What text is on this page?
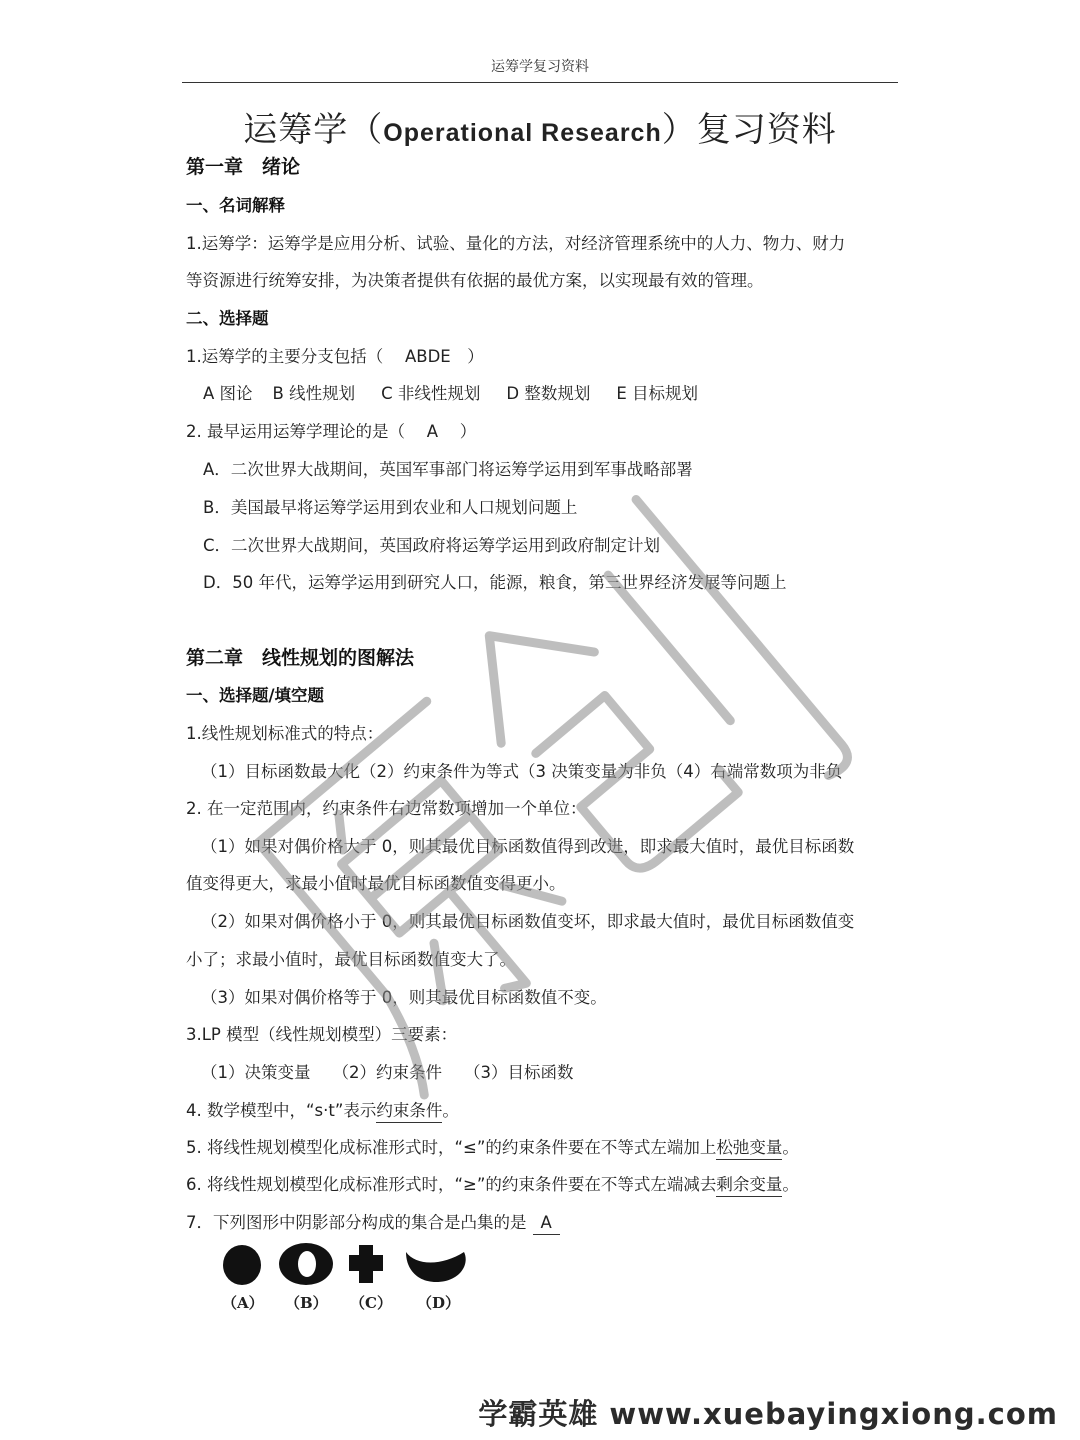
运筹学复习资料
运筹学（Operational Research）复习资料
第一章　绪论
一、名词解释
1.运筹学：运筹学是应用分析、试验、量化的方法，对经济管理系统中的人力、物力、财力
等资源进行统筹安排，为决策者提供有依据的最优方案，以实现最有效的管理。
二、选择题
1.运筹学的主要分支包括（　 ABDE　）
A 图论 B 线性规划 C 非线性规划 D 整数规划 E 目标规划
2. 最早运用运筹学理论的是（　 A　 ）
A．二次世界大战期间，英国军事部门将运筹学运用到军事战略部署
B．美国最早将运筹学运用到农业和人口规划问题上
C．二次世界大战期间，英国政府将运筹学运用到政府制定计划
D．50 年代，运筹学运用到研究人口，能源，粮食，第三世界经济发展等问题上
第二章　线性规划的图解法
一、选择题/填空题
1.线性规划标准式的特点：
（1）目标函数最大化（2）约束条件为等式（3 决策变量为非负（4）右端常数项为非负
2. 在一定范围内，约束条件右边常数项增加一个单位：
（1）如果对偶价格大于 0，则其最优目标函数值得到改进，即求最大值时，最优目标函数
值变得更大，求最小值时最优目标函数值变得更小。
（2）如果对偶价格小于 0，则其最优目标函数值变坏，即求最大值时，最优目标函数值变
小了；求最小值时，最优目标函数值变大了。
（3）如果对偶价格等于 0，则其最优目标函数值不变。
3.LP 模型（线性规划模型）三要素：
（1）决策变量 （2）约束条件 （3）目标函数
4. 数学模型中，“s·t”表示约束条件。
5. 将线性规划模型化成标准形式时，“≤”的约束条件要在不等式左端加上松弛变量。
6. 将线性规划模型化成标准形式时，“≥”的约束条件要在不等式左端减去剩余变量。
7．下列图形中阴影部分构成的集合是凸集的是 A
（A） （B） （C） （D）
学霸英雄 www.xuebayingxiong.com
